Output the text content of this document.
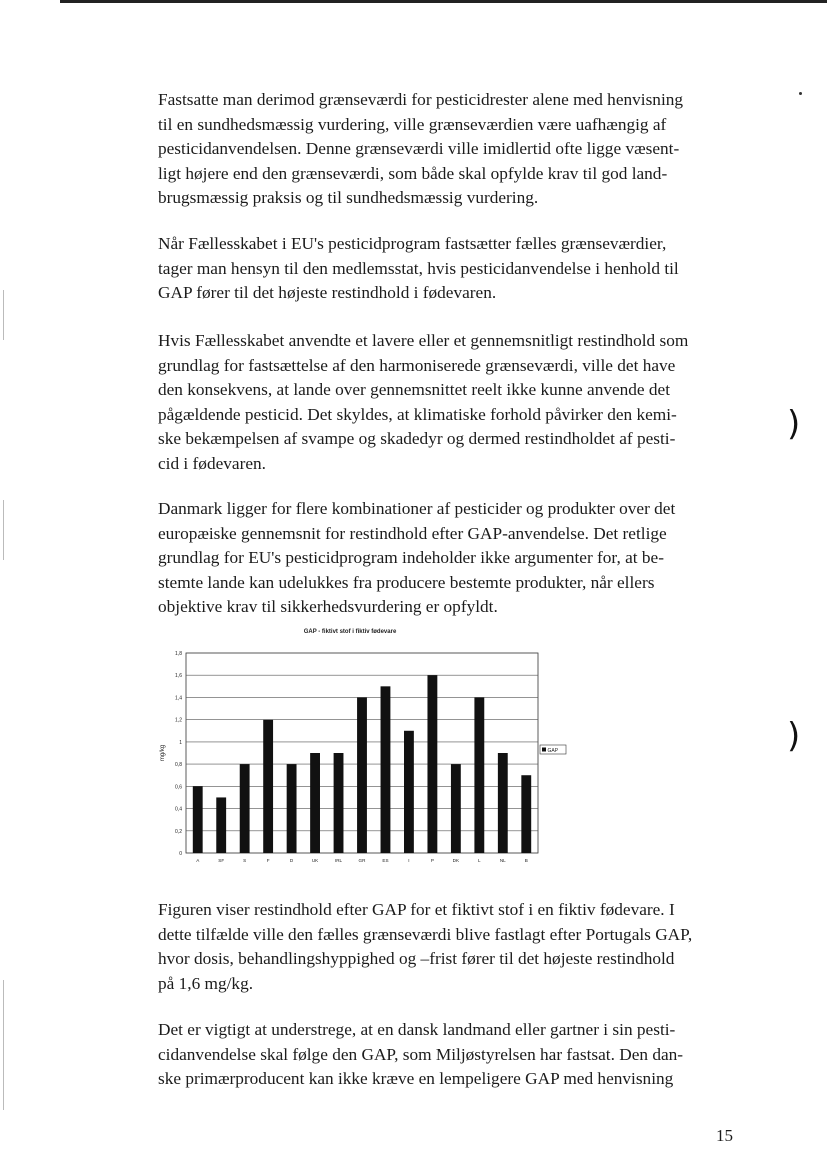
Fastsatte man derimod grænseværdi for pesticidrester alene med henvisning

til en sundhedsmæssig vurdering, ville grænseværdien være uafhængig af

pesticidanvendelsen. Denne grænseværdi ville imidlertid ofte ligge væsent-

ligt højere end den grænseværdi, som både skal opfylde krav til god land-

brugsmæssig praksis og til sundhedsmæssig vurdering.

Når Fællesskabet i EU's pesticidprogram fastsætter fælles grænseværdier,

tager man hensyn til den medlemsstat, hvis pesticidanvendelse i henhold til

GAP fører til det højeste restindhold i fødevaren.

Hvis Fællesskabet anvendte et lavere eller et gennemsnitligt restindhold som

grundlag for fastsættelse af den harmoniserede grænseværdi, ville det have

den konsekvens, at lande over gennemsnittet reelt ikke kunne anvende det

pågældende pesticid. Det skyldes, at klimatiske forhold påvirker den kemi-

ske bekæmpelsen af svampe og skadedyr og dermed restindholdet af pesti-

cid i fødevaren.

Danmark ligger for flere kombinationer af pesticider og produkter over det

europæiske gennemsnit for restindhold efter GAP-anvendelse. Det retlige

grundlag for EU's pesticidprogram indeholder ikke argumenter for, at be-

stemte lande kan udelukkes fra producere bestemte produkter, når ellers

objektive krav til sikkerhedsvurdering er opfyldt.

GAP - fiktivt stof i fiktiv fødevare
0
0,2
0,4
0,6
0,8
1
1,2
1,4
1,6
1,8
mg/kg
A	SF	S	F	D	UK	IRL	GR	ES	I	P	DK	L	NL	B
GAP
)
)

Figuren viser restindhold efter GAP for et fiktivt stof i en fiktiv fødevare. I

dette tilfælde ville den fælles grænseværdi blive fastlagt efter Portugals GAP,

hvor dosis, behandlingshyppighed og –frist fører til det højeste restindhold

på 1,6 mg/kg.

Det er vigtigt at understrege, at en dansk landmand eller gartner i sin pesti-

cidanvendelse skal følge den GAP, som Miljøstyrelsen har fastsat. Den dan-

ske primærproducent kan ikke kræve en lempeligere GAP med henvisning

15
